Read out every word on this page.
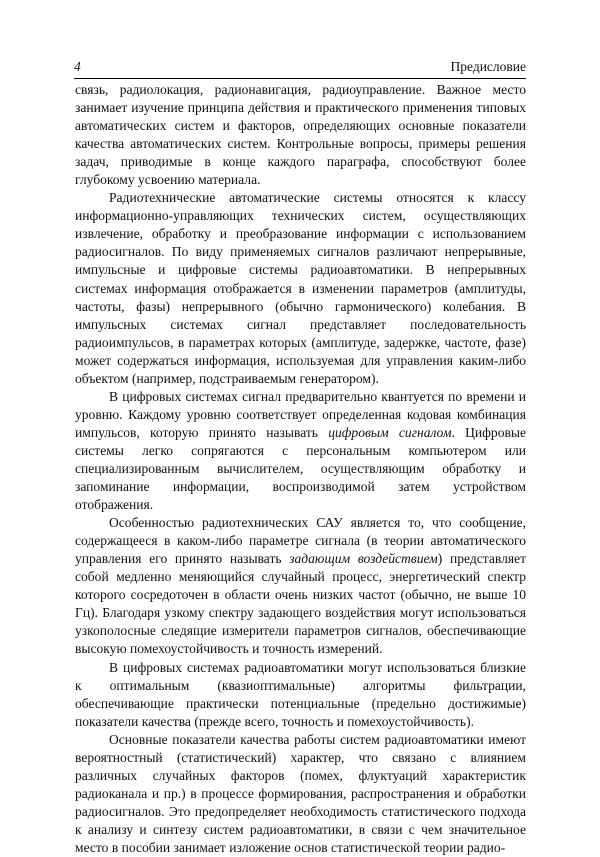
4	Предисловие

связь, радиолокация, радионавигация, радиоуправление. Важное место занимает изучение принципа действия и практического применения типовых автоматических систем и факторов, определяющих основные показатели качества автоматических систем. Контрольные вопросы, примеры решения задач, приводимые в конце каждого параграфа, способствуют более глубокому усвоению материала.

Радиотехнические автоматические системы относятся к классу информационно-управляющих технических систем, осуществляющих извлечение, обработку и преобразование информации с использованием радиосигналов. По виду применяемых сигналов различают непрерывные, импульсные и цифровые системы радиоавтоматики. В непрерывных системах информация отображается в изменении параметров (амплитуды, частоты, фазы) непрерывного (обычно гармонического) колебания. В импульсных системах сигнал представляет последовательность радиоимпульсов, в параметрах которых (амплитуде, задержке, частоте, фазе) может содержаться информация, используемая для управления каким-либо объектом (например, подстраиваемым генератором).

В цифровых системах сигнал предварительно квантуется по времени и уровню. Каждому уровню соответствует определенная кодовая комбинация импульсов, которую принято называть цифровым сигналом. Цифровые системы легко сопрягаются с персональным компьютером или специализированным вычислителем, осуществляющим обработку и запоминание информации, воспроизводимой затем устройством отображения.

Особенностью радиотехнических САУ является то, что сообщение, содержащееся в каком-либо параметре сигнала (в теории автоматического управления его принято называть задающим воздействием) представляет собой медленно меняющийся случайный процесс, энергетический спектр которого сосредоточен в области очень низких частот (обычно, не выше 10 Гц). Благодаря узкому спектру задающего воздействия могут использоваться узкополосные следящие измерители параметров сигналов, обеспечивающие высокую помехоустойчивость и точность измерений.

В цифровых системах радиоавтоматики могут использоваться близкие к оптимальным (квазиоптимальные) алгоритмы фильтрации, обеспечивающие практически потенциальные (предельно достижимые) показатели качества (прежде всего, точность и помехоустойчивость).

Основные показатели качества работы систем радиоавтоматики имеют вероятностный (статистический) характер, что связано с влиянием различных случайных факторов (помех, флуктуаций характеристик радиоканала и пр.) в процессе формирования, распространения и обработки радиосигналов. Это предопределяет необходимость статистического подхода к анализу и синтезу систем радиоавтоматики, в связи с чем значительное место в пособии занимает изложение основ статистической теории радио-
